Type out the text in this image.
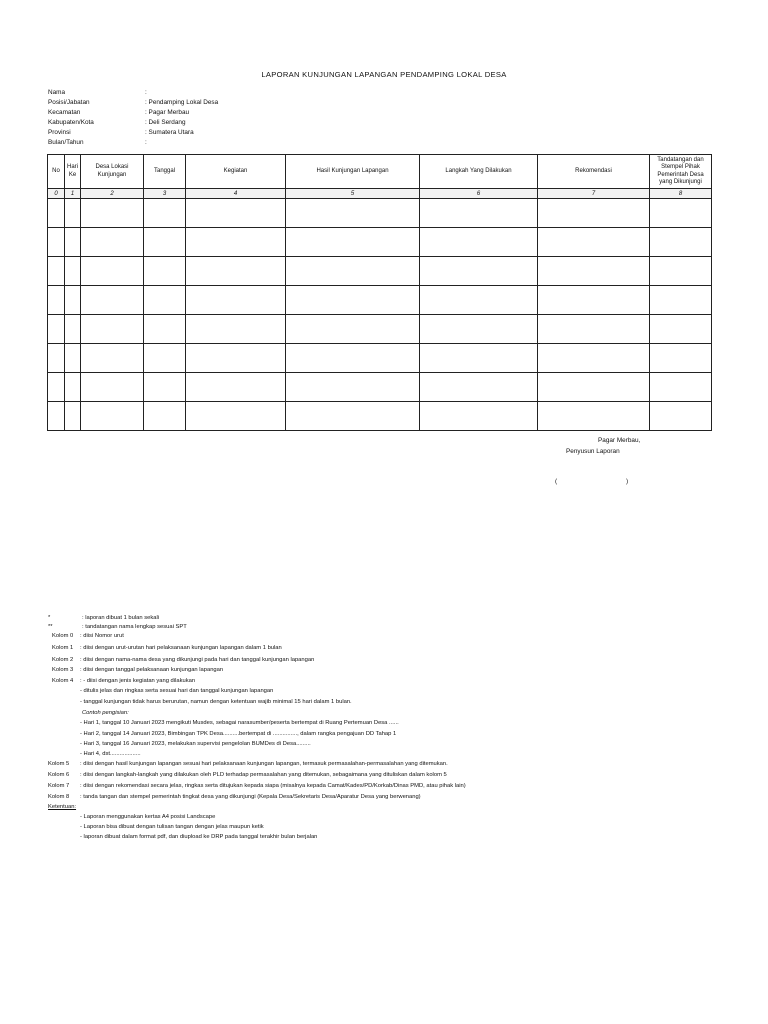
LAPORAN KUNJUNGAN LAPANGAN PENDAMPING LOKAL DESA
Nama	:
Posisi/Jabatan	: Pendamping Lokal Desa
Kecamatan	: Pagar Merbau
Kabupaten/Kota	: Deli Serdang
Provinsi	: Sumatera Utara
Bulan/Tahun	:
No	Hari Ke	Desa Lokasi Kunjungan	Tanggal	Kegiatan	Hasil Kunjungan Lapangan	Langkah Yang Dilakukan	Rekomendasi	Tandatangan dan Stempel Pihak Pemerintah Desa yang Dikunjungi
0	1	2	3	4	5	6	7	8

Pagar Merbau,
Penyusun Laporan
(	)
*	: laporan dibuat 1 bulan sekali
**	: tandatangan nama lengkap sesuai SPT
Kolom 0 : diisi Nomor urut
Kolom 1 : diisi dengan urut-urutan hari pelaksanaan kunjungan lapangan dalam 1 bulan
Kolom 2 : diisi dengan nama-nama desa yang dikunjungi pada hari dan tanggal kunjungan lapangan
Kolom 3 : diisi dengan tanggal pelaksanaan kunjungan lapangan
Kolom 4 : - diisi dengan jenis kegiatan yang dilakukan
- ditulis jelas dan ringkas serta sesuai hari dan tanggal kunjungan lapangan
- tanggal kunjungan tidak harus berurutan, namun dengan ketentuan wajib minimal 15 hari dalam 1 bulan.
Contoh pengisian:
- Hari 1, tanggal 10 Januari 2023 mengikuti Musdes, sebagai narasumber/peserta bertempat di Ruang Pertemuan Desa ......
- Hari 2, tanggal 14 Januari 2023, Bimbingan TPK Desa..........bertempat di ..............., dalam rangka pengajuan DD Tahap 1
- Hari 3, tanggal 16 Januari 2023, melakukan supervisi pengelolan BUMDes di Desa.........
- Hari 4, dst...................
Kolom 5 : diisi dengan hasil kunjungan lapangan sesuai hari pelaksanaan kunjungan lapangan, termasuk permasalahan-permasalahan yang ditemukan.
Kolom 6 : diisi dengan langkah-langkah yang dilakukan oleh PLD terhadap permasalahan yang ditemukan, sebagaimana yang dituliskan dalam kolom 5
Kolom 7 : diisi dengan rekomendasi secara jelas, ringkas serta ditujukan kepada siapa (misalnya kepada Camat/Kades/PD/Korkab/Dinas PMD, atau pihak lain)
Kolom 8 : tanda tangan dan stempel pemerintah tingkat desa yang dikunjungi (Kepala Desa/Sekretaris Desa/Aparatur Desa yang berwenang)
Ketentuan:
- Laporan menggunakan kertas A4 posisi Landscape
- Laporan bisa dibuat dengan tulisan tangan dengan jelas maupun ketik
- laporan dibuat dalam format pdf, dan diupload ke DRP pada tanggal terakhir bulan berjalan
